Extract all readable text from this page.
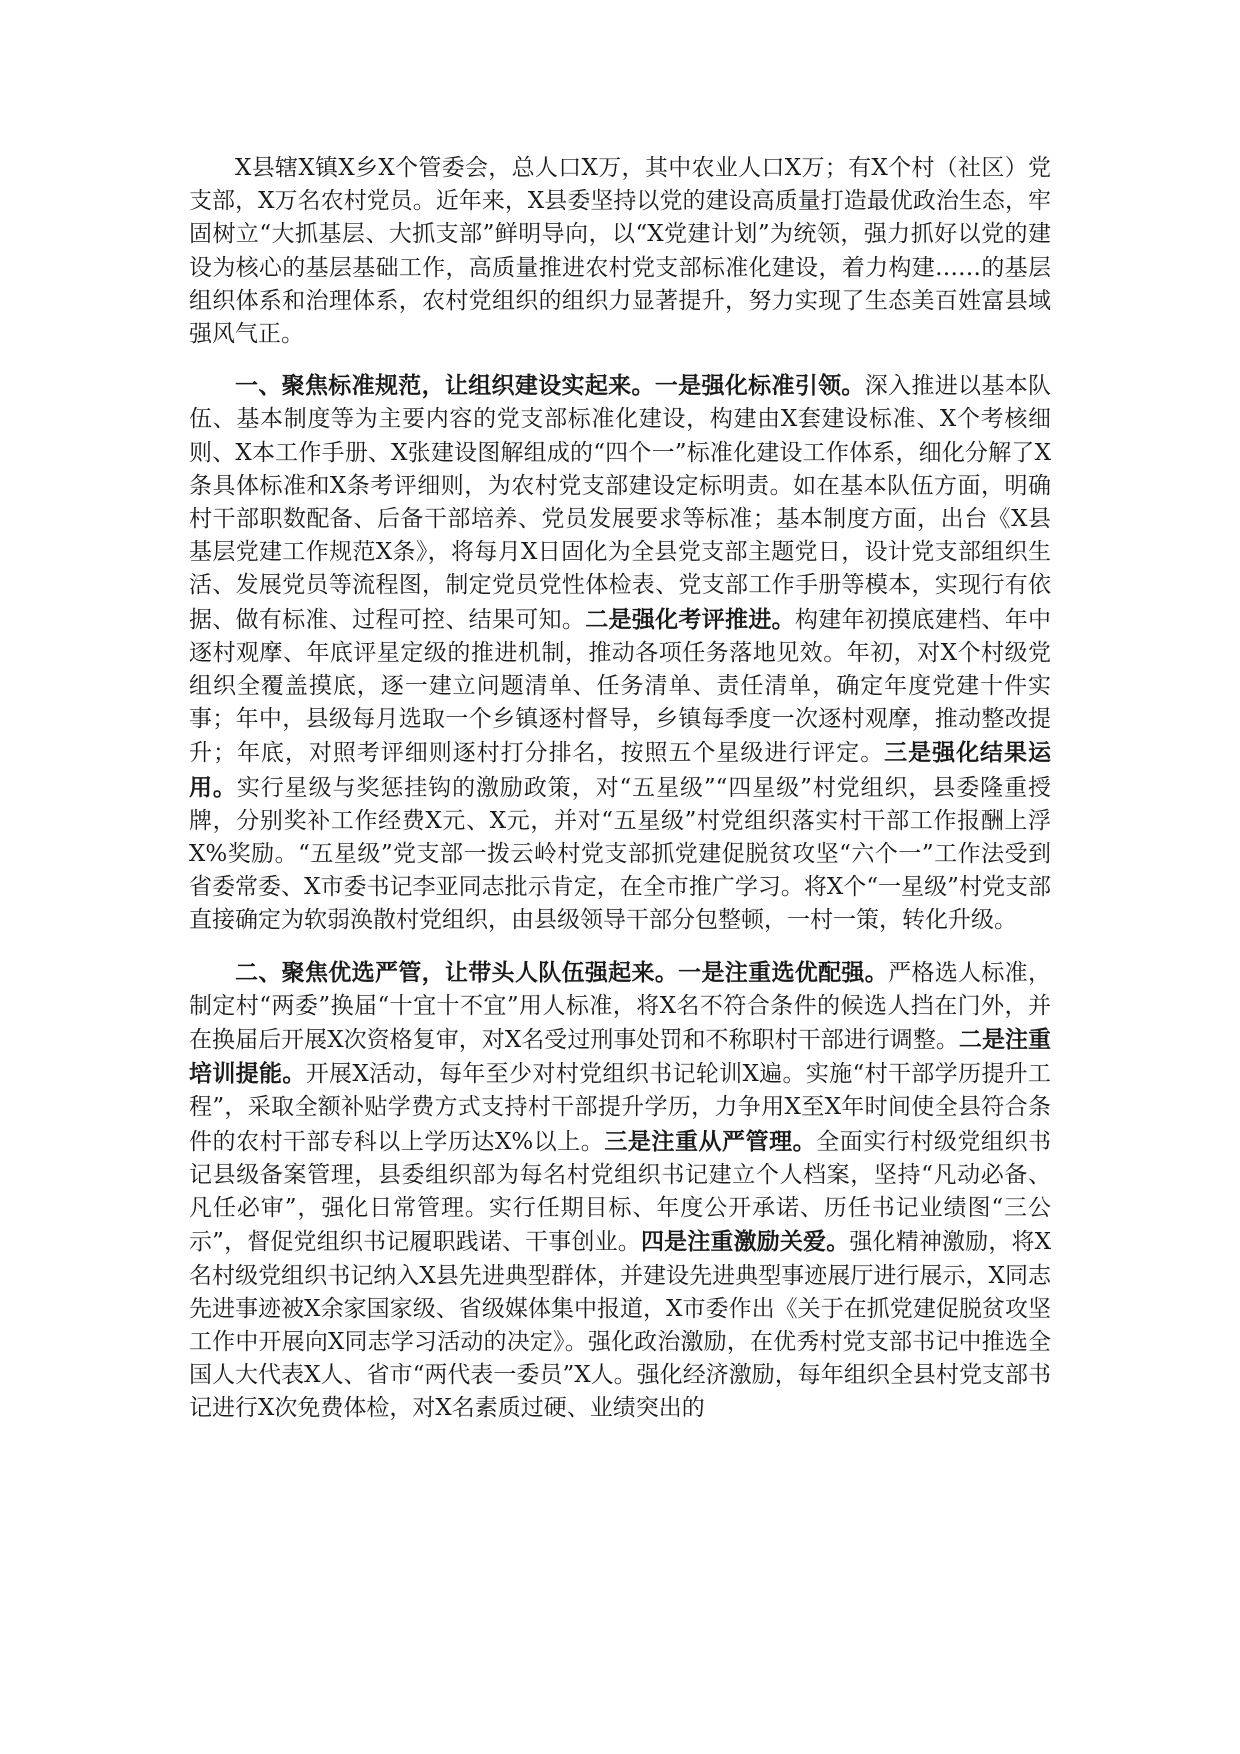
X县辖X镇X乡X个管委会，总人口X万，其中农业人口X万；有X个村（社区）党支部，X万名农村党员。近年来，X县委坚持以党的建设高质量打造最优政治生态，牢固树立“大抓基层、大抓支部”鲜明导向，以“X党建计划”为统领，强力抓好以党的建设为核心的基层基础工作，高质量推进农村党支部标准化建设，着力构建……的基层组织体系和治理体系，农村党组织的组织力显著提升，努力实现了生态美百姓富县域强风气正。

一、聚焦标准规范，让组织建设实起来。一是强化标准引领。深入推进以基本队伍、基本制度等为主要内容的党支部标准化建设，构建由X套建设标准、X个考核细则、X本工作手册、X张建设图解组成的“四个一”标准化建设工作体系，细化分解了X条具体标准和X条考评细则，为农村党支部建设定标明责。如在基本队伍方面，明确村干部职数配备、后备干部培养、党员发展要求等标准；基本制度方面，出台《X县基层党建工作规范X条》，将每月X日固化为全县党支部主题党日，设计党支部组织生活、发展党员等流程图，制定党员党性体检表、党支部工作手册等模本，实现行有依据、做有标准、过程可控、结果可知。二是强化考评推进。构建年初摸底建档、年中逐村观摩、年底评星定级的推进机制，推动各项任务落地见效。年初，对X个村级党组织全覆盖摸底，逐一建立问题清单、任务清单、责任清单，确定年度党建十件实事；年中，县级每月选取一个乡镇逐村督导，乡镇每季度一次逐村观摩，推动整改提升；年底，对照考评细则逐村打分排名，按照五个星级进行评定。三是强化结果运用。实行星级与奖惩挂钩的激励政策，对“五星级”“四星级”村党组织，县委隆重授牌，分别奖补工作经费X元、X元，并对“五星级”村党组织落实村干部工作报酬上浮X%奖励。“五星级”党支部一拨云岭村党支部抓党建促脱贫攻坚“六个一”工作法受到省委常委、X市委书记李亚同志批示肯定，在全市推广学习。将X个“一星级”村党支部直接确定为软弱涣散村党组织，由县级领导干部分包整顿，一村一策，转化升级。

二、聚焦优选严管，让带头人队伍强起来。一是注重选优配强。严格选人标准，制定村“两委”换届“十宜十不宜”用人标准，将X名不符合条件的候选人挡在门外，并在换届后开展X次资格复审，对X名受过刑事处罚和不称职村干部进行调整。二是注重培训提能。开展X活动，每年至少对村党组织书记轮训X遍。实施“村干部学历提升工程”，采取全额补贴学费方式支持村干部提升学历，力争用X至X年时间使全县符合条件的农村干部专科以上学历达X%以上。三是注重从严管理。全面实行村级党组织书记县级备案管理，县委组织部为每名村党组织书记建立个人档案，坚持“凡动必备、凡任必审”，强化日常管理。实行任期目标、年度公开承诺、历任书记业绩图“三公示”，督促党组织书记履职践诺、干事创业。四是注重激励关爱。强化精神激励，将X名村级党组织书记纳入X县先进典型群体，并建设先进典型事迹展厅进行展示，X同志先进事迹被X余家国家级、省级媒体集中报道，X市委作出《关于在抓党建促脱贫攻坚工作中开展向X同志学习活动的决定》。强化政治激励，在优秀村党支部书记中推选全国人大代表X人、省市“两代表一委员”X人。强化经济激励，每年组织全县村党支部书记进行X次免费体检，对X名素质过硬、业绩突出的
